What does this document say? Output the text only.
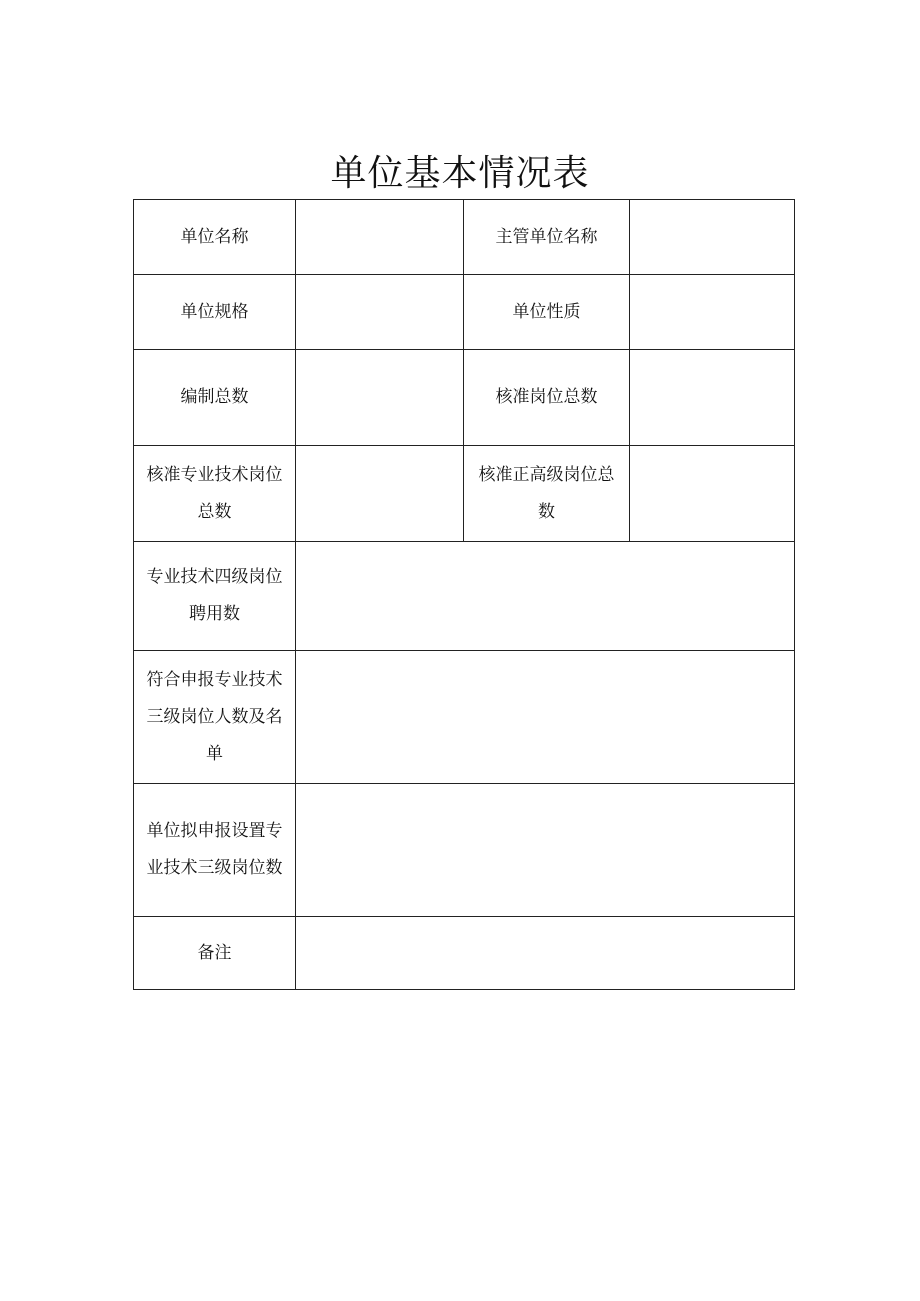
单位基本情况表
单位名称		主管单位名称	
单位规格		单位性质	
编制总数		核准岗位总数	
核准专业技术岗位总数		核准正高级岗位总数	
专业技术四级岗位聘用数			
符合申报专业技术三级岗位人数及名单			
单位拟申报设置专业技术三级岗位数			
备注			
